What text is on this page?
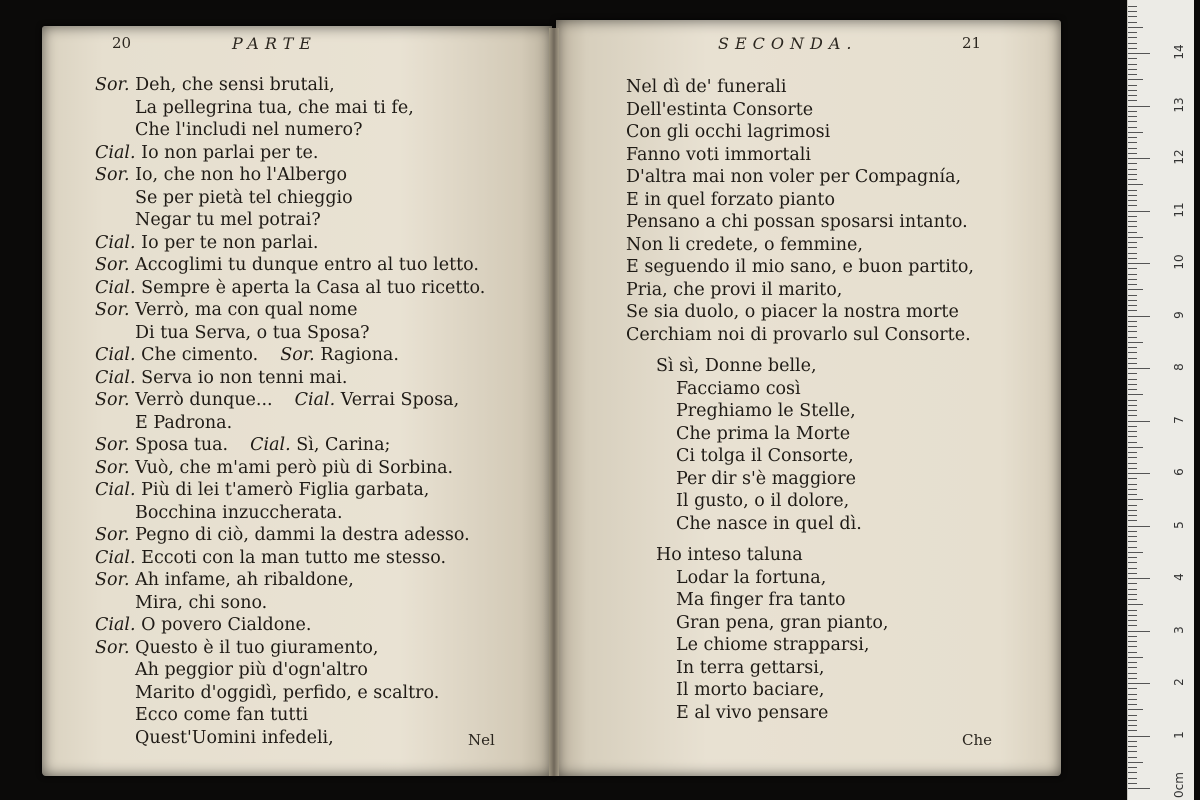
20	PARTE	SECONDA.	21
Sor. Deh, che sensi brutali,
La pellegrina tua, che mai ti fe,
Che l'includi nel numero?
Cial. Io non parlai per te.
Sor. Io, che non ho l'Albergo
Se per pietà tel chieggio
Negar tu mel potrai?
Cial. Io per te non parlai.
Sor. Accoglimi tu dunque entro al tuo letto.
Cial. Sempre è aperta la Casa al tuo ricetto.
Sor. Verrò, ma con qual nome
Di tua Serva, o tua Sposa?
Cial. Che cimento. Sor. Ragiona.
Cial. Serva io non tenni mai.
Sor. Verrò dunque... Cial. Verrai Sposa,
E Padrona.
Sor. Sposa tua. Cial. Sì, Carina;
Sor. Vuò, che m'ami però più di Sorbina.
Cial. Più di lei t'amerò Figlia garbata,
Bocchina inzuccherata.
Sor. Pegno di ciò, dammi la destra adesso.
Cial. Eccoti con la man tutto me stesso.
Sor. Ah infame, ah ribaldone,
Mira, chi sono.
Cial. O povero Cialdone.
Sor. Questo è il tuo giuramento,
Ah peggior più d'ogn'altro
Marito d'oggidì, perfido, e scaltro.
Ecco come fan tutti
Quest'Uomini infedeli,
Nel dì de' funerali
Dell'estinta Consorte
Con gli occhi lagrimosi
Fanno voti immortali
D'altra mai non voler per Compagnía,
E in quel forzato pianto
Pensano a chi possan sposarsi intanto.
Non li credete, o femmine,
E seguendo il mio sano, e buon partito,
Pria, che provi il marito,
Se sia duolo, o piacer la nostra morte
Cerchiam noi di provarlo sul Consorte.
Sì sì, Donne belle,
Facciamo così
Preghiamo le Stelle,
Che prima la Morte
Ci tolga il Consorte,
Per dir s'è maggiore
Il gusto, o il dolore,
Che nasce in quel dì.
Ho inteso taluna
Lodar la fortuna,
Ma finger fra tanto
Gran pena, gran pianto,
Le chiome strapparsi,
In terra gettarsi,
Il morto baciare,
E al vivo pensare
Nel	Che
0cm
1
2
3
4
5
6
7
8
9
10
11
12
13
14
